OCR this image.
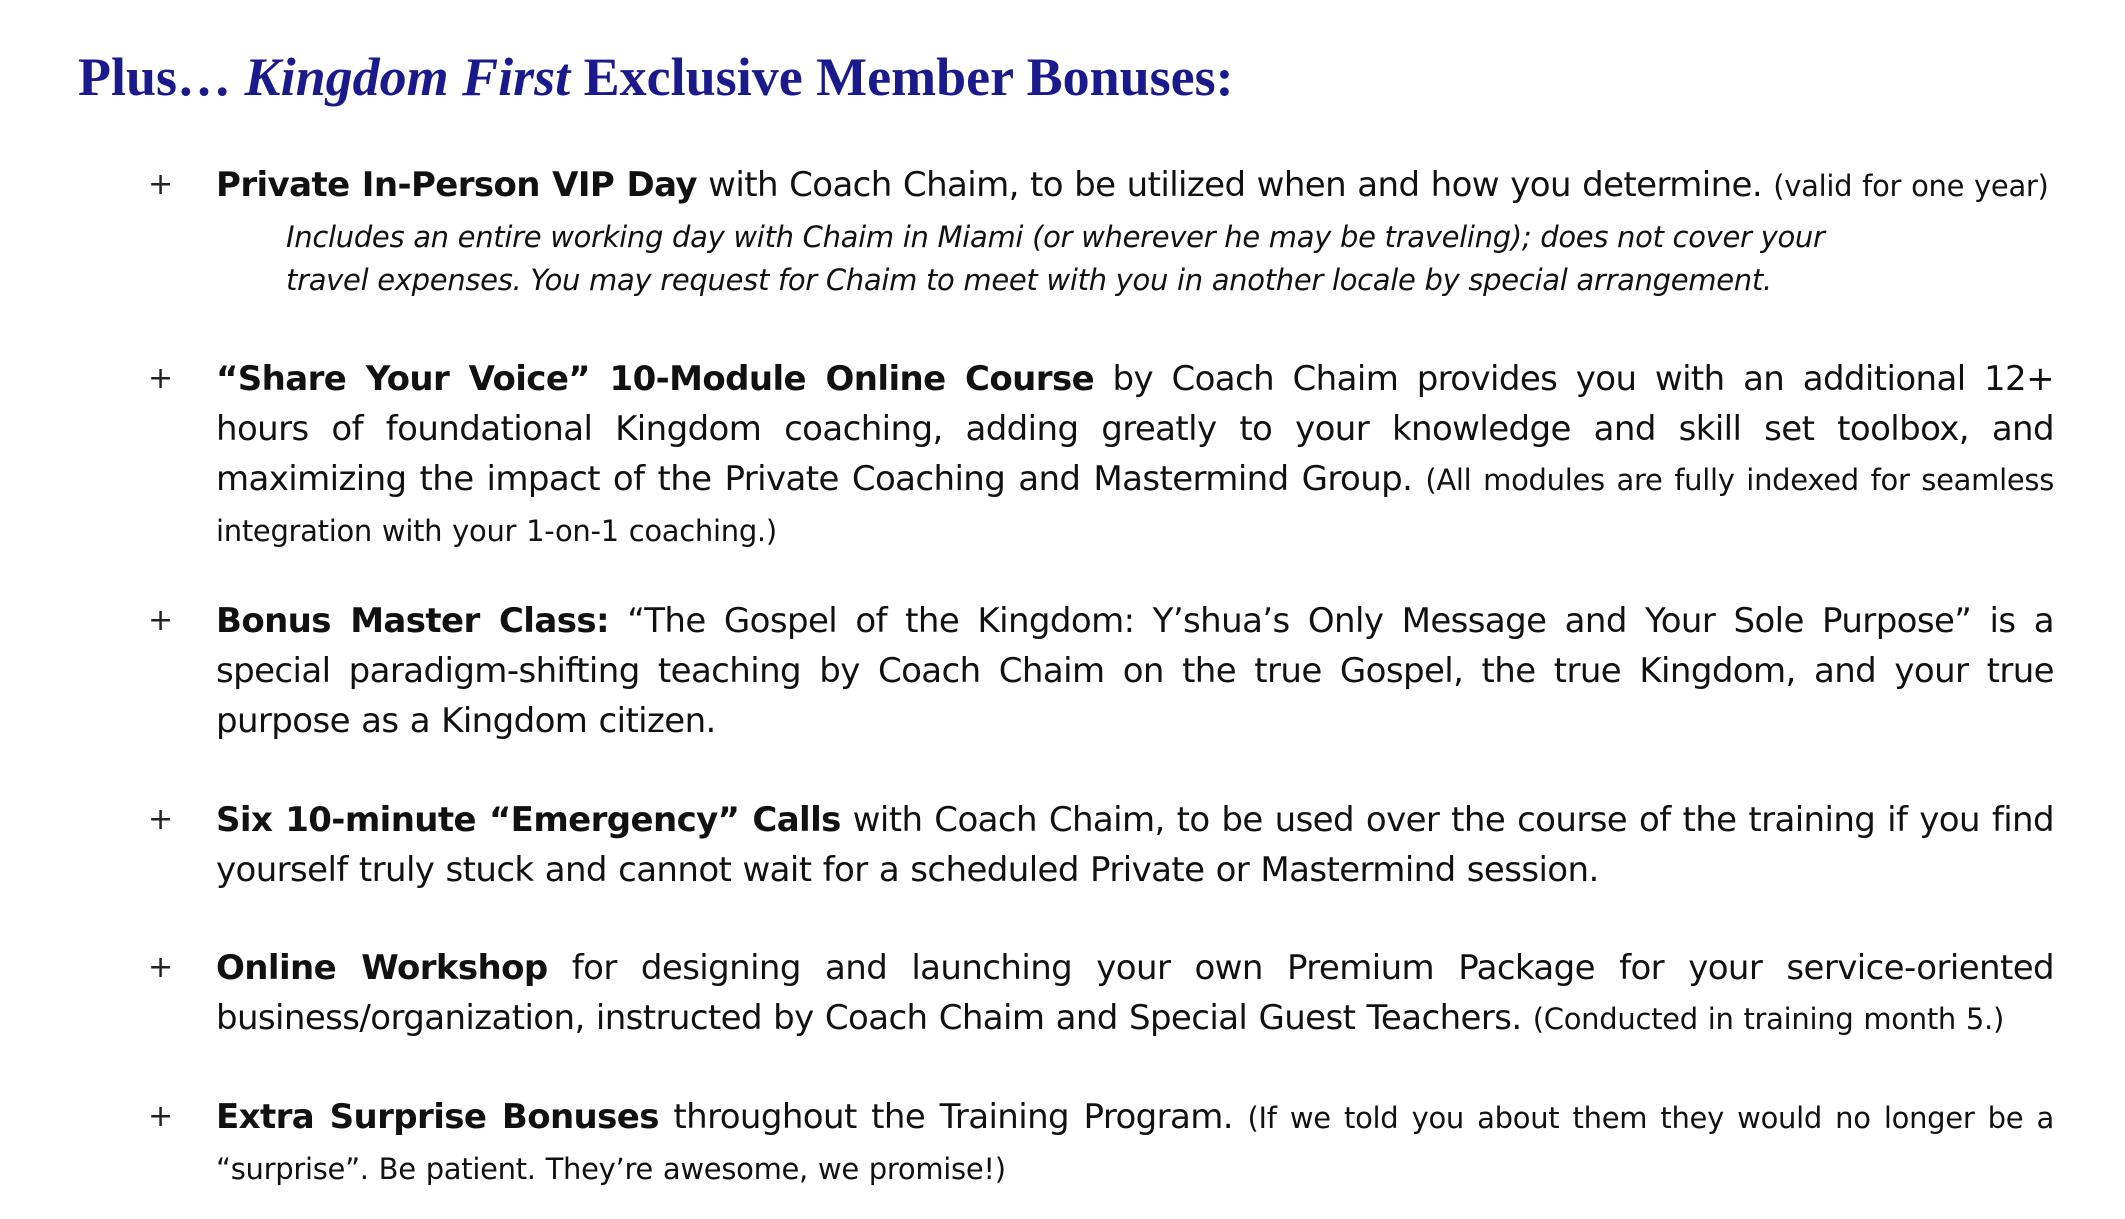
Plus… Kingdom First Exclusive Member Bonuses:
+ Private In-Person VIP Day with Coach Chaim, to be utilized when and how you determine. (valid for one year)
Includes an entire working day with Chaim in Miami (or wherever he may be traveling); does not cover your
travel expenses. You may request for Chaim to meet with you in another locale by special arrangement.
+ “Share Your Voice” 10-Module Online Course by Coach Chaim provides you with an additional 12+ hours of foundational Kingdom coaching, adding greatly to your knowledge and skill set toolbox, and maximizing the impact of the Private Coaching and Mastermind Group. (All modules are fully indexed for seamless integration with your 1-on-1 coaching.)
+ Bonus Master Class: “The Gospel of the Kingdom: Y’shua’s Only Message and Your Sole Purpose” is a special paradigm-shifting teaching by Coach Chaim on the true Gospel, the true Kingdom, and your true purpose as a Kingdom citizen.
+ Six 10-minute “Emergency” Calls with Coach Chaim, to be used over the course of the training if you find yourself truly stuck and cannot wait for a scheduled Private or Mastermind session.
+ Online Workshop for designing and launching your own Premium Package for your service-oriented business/organization, instructed by Coach Chaim and Special Guest Teachers. (Conducted in training month 5.)
+ Extra Surprise Bonuses throughout the Training Program. (If we told you about them they would no longer be a “surprise”. Be patient. They’re awesome, we promise!)
